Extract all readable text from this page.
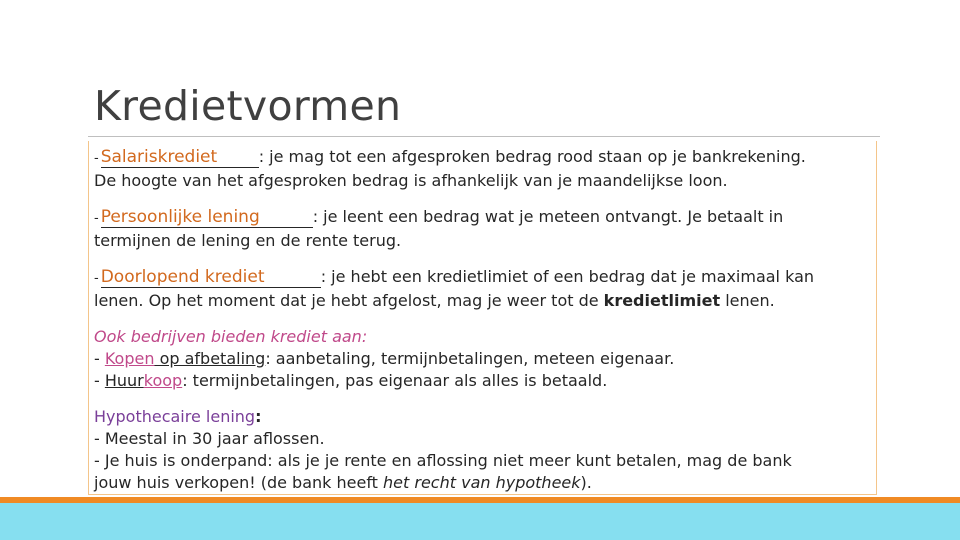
Kredietvormen

- Salariskrediet	: je mag tot een afgesproken bedrag rood staan op je bankrekening.
De hoogte van het afgesproken bedrag is afhankelijk van je maandelijkse loon.

- Persoonlijke lening	: je leent een bedrag wat je meteen ontvangt. Je betaalt in
termijnen de lening en de rente terug.

- Doorlopend krediet	: je hebt een kredietlimiet of een bedrag dat je maximaal kan
lenen. Op het moment dat je hebt afgelost, mag je weer tot de kredietlimiet lenen.

Ook bedrijven bieden krediet aan:
- Kopen op afbetaling: aanbetaling, termijnbetalingen, meteen eigenaar.
- Huurkoop: termijnbetalingen, pas eigenaar als alles is betaald.

Hypothecaire lening:
- Meestal in 30 jaar aflossen.
- Je huis is onderpand: als je je rente en aflossing niet meer kunt betalen, mag de bank
jouw huis verkopen! (de bank heeft het recht van hypotheek).
